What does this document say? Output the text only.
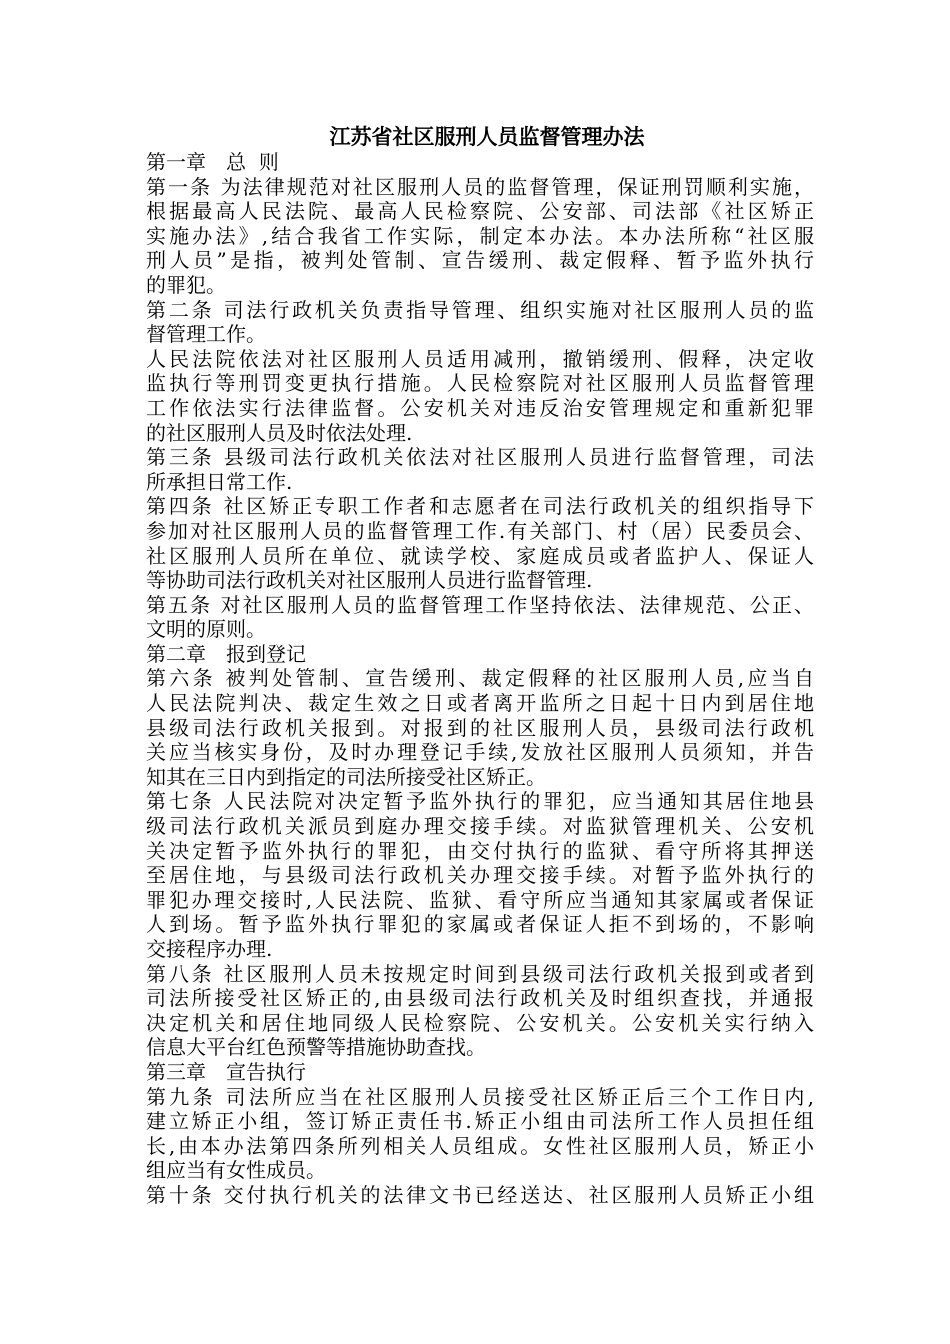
江苏省社区服刑人员监督管理办法
第一章　总  则
第一条 为法律规范对社区服刑人员的监督管理，保证刑罚顺利实施，
根据最高人民法院、最高人民检察院、公安部、司法部《社区矫正
实施办法》,结合我省工作实际，制定本办法。本办法所称“社区服
刑人员”是指，被判处管制、宣告缓刑、裁定假释、暂予监外执行
的罪犯。
第二条 司法行政机关负责指导管理、组织实施对社区服刑人员的监
督管理工作。
人民法院依法对社区服刑人员适用减刑，撤销缓刑、假释，决定收
监执行等刑罚变更执行措施。人民检察院对社区服刑人员监督管理
工作依法实行法律监督。公安机关对违反治安管理规定和重新犯罪
的社区服刑人员及时依法处理.
第三条 县级司法行政机关依法对社区服刑人员进行监督管理，司法
所承担日常工作.
第四条 社区矫正专职工作者和志愿者在司法行政机关的组织指导下
参加对社区服刑人员的监督管理工作.有关部门、村（居）民委员会、
社区服刑人员所在单位、就读学校、家庭成员或者监护人、保证人
等协助司法行政机关对社区服刑人员进行监督管理.
第五条 对社区服刑人员的监督管理工作坚持依法、法律规范、公正、
文明的原则。
第二章　报到登记
第六条 被判处管制、宣告缓刑、裁定假释的社区服刑人员,应当自
人民法院判决、裁定生效之日或者离开监所之日起十日内到居住地
县级司法行政机关报到。对报到的社区服刑人员，县级司法行政机
关应当核实身份，及时办理登记手续,发放社区服刑人员须知，并告
知其在三日内到指定的司法所接受社区矫正。
第七条 人民法院对决定暂予监外执行的罪犯，应当通知其居住地县
级司法行政机关派员到庭办理交接手续。对监狱管理机关、公安机
关决定暂予监外执行的罪犯，由交付执行的监狱、看守所将其押送
至居住地，与县级司法行政机关办理交接手续。对暂予监外执行的
罪犯办理交接时,人民法院、监狱、看守所应当通知其家属或者保证
人到场。暂予监外执行罪犯的家属或者保证人拒不到场的，不影响
交接程序办理.
第八条 社区服刑人员未按规定时间到县级司法行政机关报到或者到
司法所接受社区矫正的,由县级司法行政机关及时组织查找，并通报
决定机关和居住地同级人民检察院、公安机关。公安机关实行纳入
信息大平台红色预警等措施协助查找。
第三章　宣告执行
第九条 司法所应当在社区服刑人员接受社区矫正后三个工作日内,
建立矫正小组，签订矫正责任书.矫正小组由司法所工作人员担任组
长,由本办法第四条所列相关人员组成。女性社区服刑人员，矫正小
组应当有女性成员。
第十条 交付执行机关的法律文书已经送达、社区服刑人员矫正小组
